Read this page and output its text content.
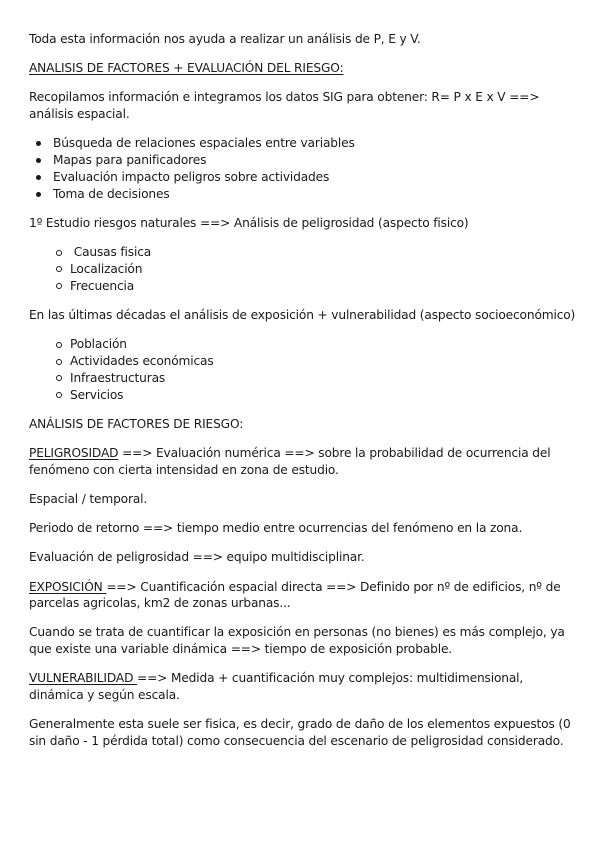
Toda esta información nos ayuda a realizar un análisis de P, E y V.

ANALISIS DE FACTORES + EVALUACIÓN DEL RIESGO:

Recopilamos información e integramos los datos SIG para obtener: R= P x E x V ==> análisis espacial.

Búsqueda de relaciones espaciales entre variables
Mapas para panificadores
Evaluación impacto peligros sobre actividades
Toma de decisiones

1º Estudio riesgos naturales ==> Análisis de peligrosidad (aspecto fisico)

Causas fisica
Localización
Frecuencia

En las últimas décadas el análisis de exposición + vulnerabilidad (aspecto socioeconómico)

Población
Actividades económicas
Infraestructuras
Servicios

ANÁLISIS DE FACTORES DE RIESGO:

PELIGROSIDAD ==> Evaluación numérica ==> sobre la probabilidad de ocurrencia del fenómeno con cierta intensidad en zona de estudio.

Espacial / temporal.

Periodo de retorno ==> tiempo medio entre ocurrencias del fenómeno en la zona.

Evaluación de peligrosidad ==> equipo multidisciplinar.

EXPOSICIÓN ==> Cuantificación espacial directa ==> Definido por nº de edificios, nº de parcelas agricolas, km2 de zonas urbanas...

Cuando se trata de cuantificar la exposición en personas (no bienes) es más complejo, ya que existe una variable dinámica ==> tiempo de exposición probable.

VULNERABILIDAD ==> Medida + cuantificación muy complejos: multidimensional, dinámica y según escala.

Generalmente esta suele ser fisica, es decir, grado de daño de los elementos expuestos (0 sin daño - 1 pérdida total) como consecuencia del escenario de peligrosidad considerado.
